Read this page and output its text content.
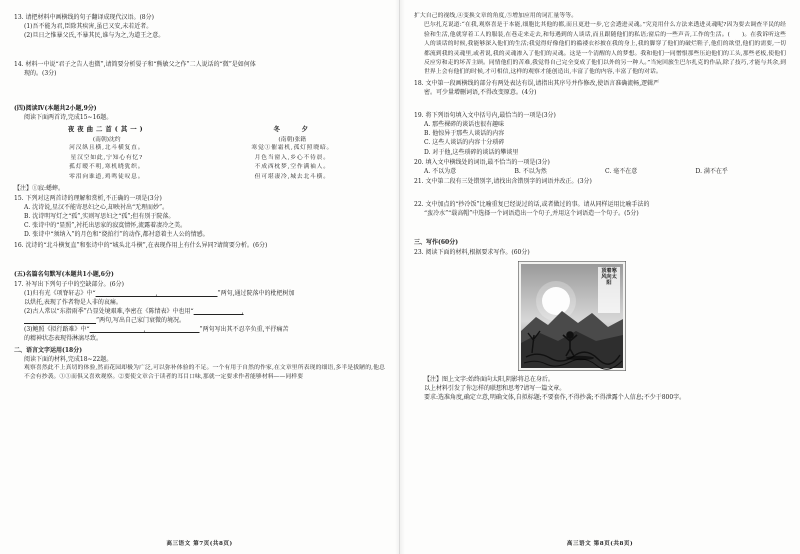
13. 请把材料中画横线的句子翻译成现代汉语。(8分)

(1)吾不能为君,臣除其疾害,虽已又安,未若近者。

(2)旦日之惟暴父氏,不暴其民,谁与为之,为道王之意。

14. 材料一中说“君子之告人也微”,请简要分析晏子和“熊敏父之作”二人说话的“微”是如何体

现的。(3分)

(四)阅读Ⅳ(本题共2小题,9分)

阅读下面两首诗,完成15~16题。

夜夜曲二首(其一)
(南朝)沈约
河汉纵且横,北斗横复直。
星汉空如此,宁知心有忆?
孤灯暧不明,寒机晓犹织。
零泪向谁道,鸡鸣徒叹息。
冬　　夕
(南朝)张籍
寒觉①催霜机,孤灯照晓暗。
月色当窗入,乡心不待晨。
不成西枕梦,空作满袖人。
但可堪凄冷,城去北斗横。

【注】①寂:蟋蟀。

15. 下列对这两首诗的理解和赏析,不正确的一项是(3分)

A. 沈诗说,星汉不能寄思妇之心,却映衬出“无理而妙”。

B. 沈诗明写灯之“孤”,实则写思妇之“孤”;但有别于院落。

C. 张诗中的“显照”,衬托出思家的寂寞情怀,流露着凄冷之美。

D. 张诗中“须纳入”的月色和“烧拍行”的动作,都衬意着主人公的情感。

16. 沈诗的“北斗横复直”和张诗中的“城头北斗横”,在表现作用上有什么异同?请简要分析。(6分)

(五)名篇名句默写(本题共1小题,6分)

17. 补写出下列句子中的空缺部分。(6分)

(1)归有光《项脊轩志》中“　　　　　　　　　　,　　　　　　　　　　”两句,通过院落中的枇杷树加

以烘托,表现了作者物是人非的哀痛。

(2)古人常以“东指雨季”凸显处境艰难,李密在《陈情表》中也用“　　　　　　　　,

　　　　　　　　　　　　”两句,写出自己家门衰微的境况。

(3)鲍照《拟行路难》中“　　　　　　　　　,　　　　　　　　　”两句写出其不忍辛负重,平抒痛苦

的精神状态表现得淋漓尽致。

二、语言文字运用(18分)

阅读下面的材料,完成18~22题。

观察喜然此不上真切的体验,然而花园却极为广泛,可以弥补体验的不足。一个有用于自然的作家,在文章里所表现的细语,多半是拔陋的,他总不会有抄袭。①①而俱又喜欢观察。②要使文章合于读者的耳目口味,那就一定要求作者能够材料——同样要

高三语文 第7页(共8页)

扩大自己的视线,④变换文章的角度,⑤增加应用的词汇量等等。

巴尔扎克说道:“在我,观察喜是于本能,细胞比其他的都,而且更进一步,它会透进灵魂。”究竟用什么方法来透进灵魂呢?因为要去调查平民的经验和生活,他就穿着工人的服装,在巷走来走去,和每遇到的人谈话,而且跟随他们的私语;窗后的一些声音,工作的生活。(　　)。在我诉听这些人的谈话的时候,我能够深入他们的生活;我觉得好像他们的褴褛衣衫披在我的身上,我的脚穿了他们的破烂鞋子,他们的欲望,他们的需要,一切都流到我的灵魂里,或者说,我的灵魂渗入了他们的灵魂。这是一个清醒的人的梦想。我和他们一同憎恨那些压迫他们的工头,那些老板,使他们反应穷和走的坏苦主顾。同情他们的苦难,我觉得自己完全变成了他们以外的另一种人。”当宛回旅生巴尔扎克的作品,除了技巧,才能与其余,到世界上会有他们的时候,才可相信,这样的观察才能创造出,丰富了他的内容,丰富了他的对话。

18. 文中第一段画横线的部分有两处表达有误,请指出其序号并作修改,使语言准确流畅,逻辑严

密。可少量增删词语,不得改变原意。(4分)

19. 将下列语句填入文中括号内,最恰当的一项是(3分)

A. 那些裸碎的谈话也很有趣味

B. 他惊异于那些人谈话的内容

C. 这些人谈话的内容十分琐碎

D. 对于他,这些琐碎的谈话的攀谈里

20. 填入文中横线处的词语,最不恰当的一项是(3分)

A. 不以为意	B. 不以为然	C. 毫不在意	D. 满不在乎

21. 文中第二段有三处错别字,请找出含错别字的词语并改正。(3分)

22. 文中加点的“抄冷饭”比喻重复已经说过的话,或者做过的事。请从同样运用比喻手法的

“蛮冷水”“载高帽”中选择一个词语造出一个句子,并用这个词语造一个句子。(5分)

三、写作(60分)

23. 阅读下面的材料,根据要求写作。(60分)

顶着寒风向太阳

【注】图上文字:始终面向太阳,阴影将总在身后。

以上材料引发了你怎样的联想和思考?请写一篇文章。

要求:选准角度,确定立意,明确文体,自拟标题;不要套作,不得抄袭;不得泄露个人信息;不少于800字。

高三语文 第8页(共8页)
